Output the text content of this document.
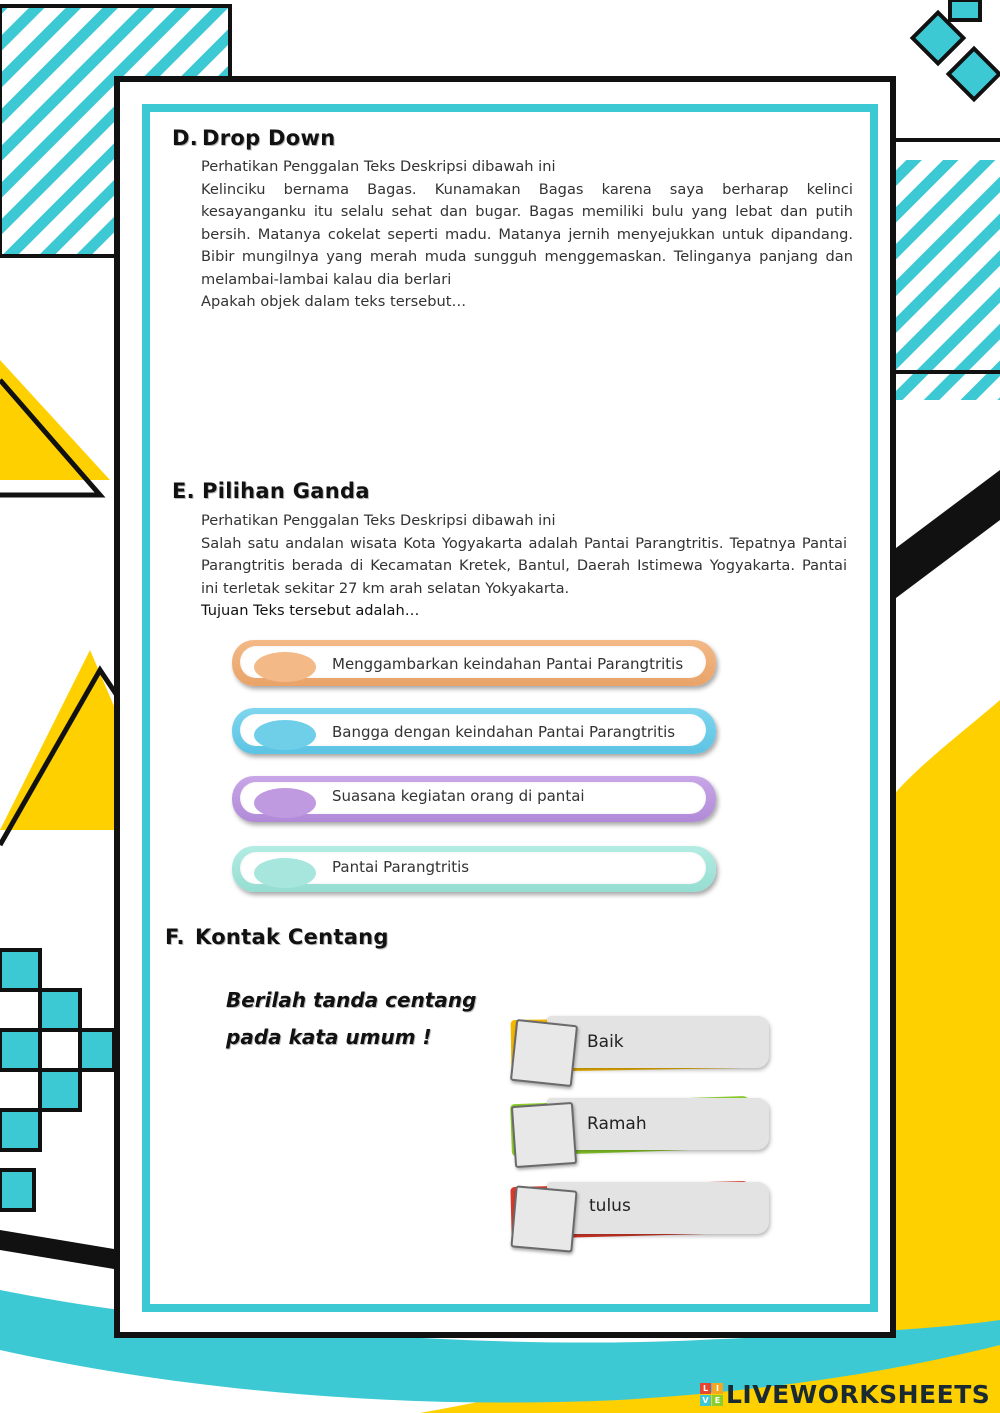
D. Drop Down

Perhatikan Penggalan Teks Deskripsi dibawah ini

Kelinciku bernama Bagas. Kunamakan Bagas karena saya berharap kelinci kesayanganku itu selalu sehat dan bugar. Bagas memiliki bulu yang lebat dan putih bersih. Matanya cokelat seperti madu. Matanya jernih menyejukkan untuk dipandang. Bibir mungilnya yang merah muda sungguh menggemaskan. Telinganya panjang dan melambai-lambai kalau dia berlari

Apakah objek dalam teks tersebut…

E. Pilihan Ganda

Perhatikan Penggalan Teks Deskripsi dibawah ini

Salah satu andalan wisata Kota Yogyakarta adalah Pantai Parangtritis. Tepatnya Pantai Parangtritis berada di Kecamatan Kretek, Bantul, Daerah Istimewa Yogyakarta. Pantai ini terletak sekitar 27 km arah selatan Yokyakarta.

Tujuan Teks tersebut adalah…

Menggambarkan keindahan Pantai Parangtritis
Bangga dengan keindahan Pantai Parangtritis
Suasana kegiatan orang di pantai
Pantai Parangtritis
F. Kontak Centang
Berilah tanda centang
pada kata umum !	Baik
Ramah
tulus
L I
V E LIVEWORKSHEETS
